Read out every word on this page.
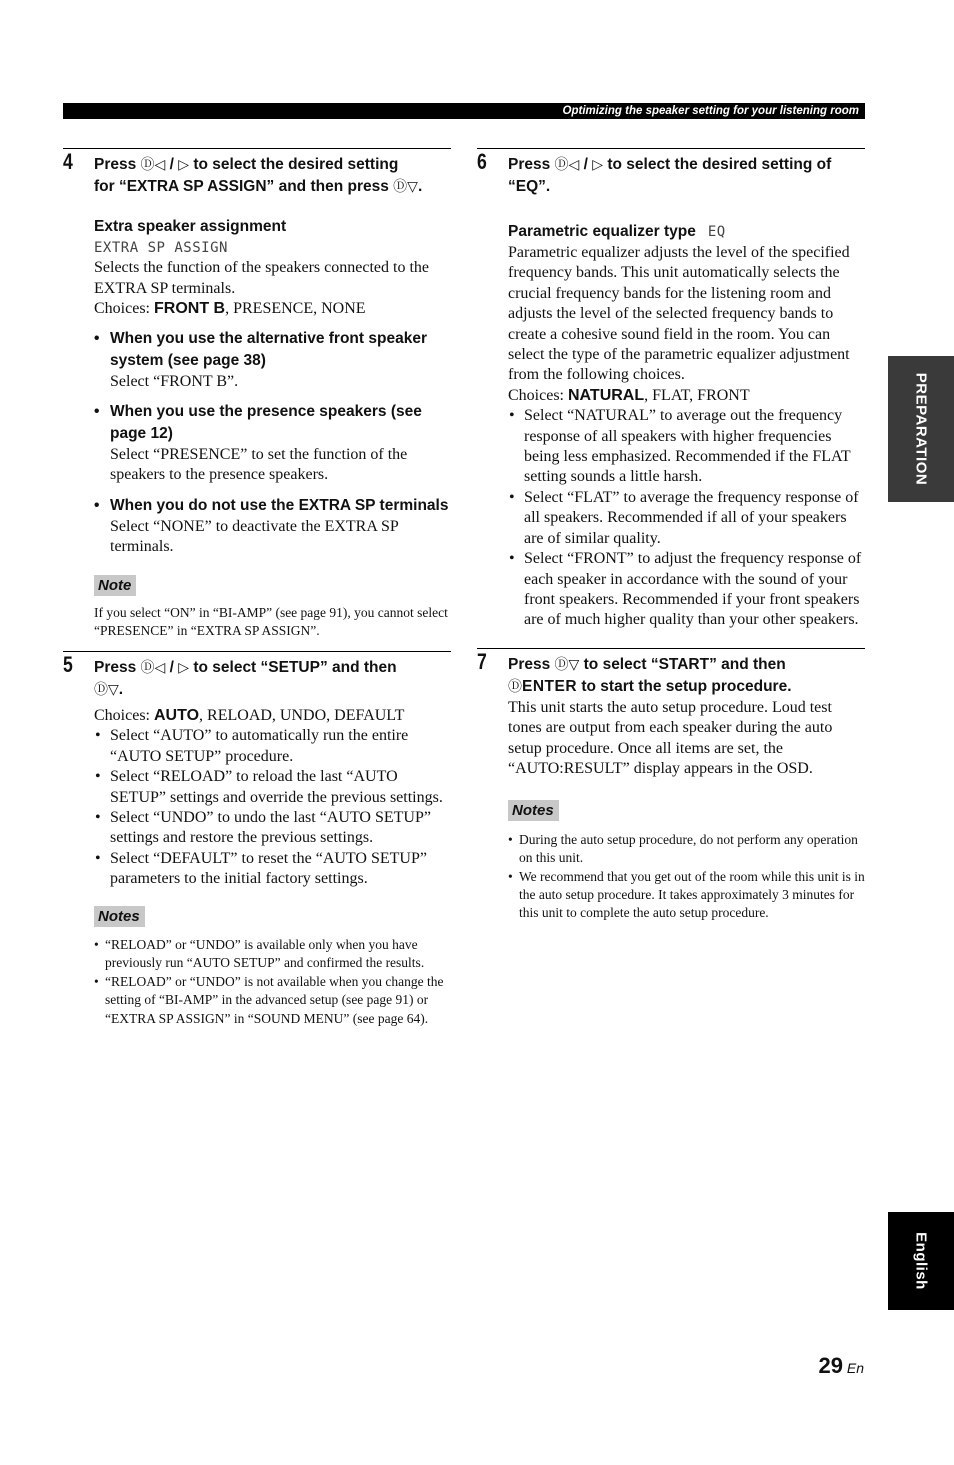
Optimizing the speaker setting for your listening room
4 Press Ⓓ◁ / ▷ to select the desired setting
for “EXTRA SP ASSIGN” and then press Ⓓ▽.
Extra speaker assignment
EXTRA SP ASSIGN
Selects the function of the speakers connected to the EXTRA SP terminals.
Choices: FRONT B, PRESENCE, NONE
• When you use the alternative front speaker system (see page 38)
Select “FRONT B”.
• When you use the presence speakers (see page 12)
Select “PRESENCE” to set the function of the speakers to the presence speakers.
• When you do not use the EXTRA SP terminals
Select “NONE” to deactivate the EXTRA SP terminals.
Note
If you select “ON” in “BI-AMP” (see page 91), you cannot select “PRESENCE” in “EXTRA SP ASSIGN”.
5 Press Ⓓ◁ / ▷ to select “SETUP” and then
Ⓓ▽.
Choices: AUTO, RELOAD, UNDO, DEFAULT
• Select “AUTO” to automatically run the entire “AUTO SETUP” procedure.
• Select “RELOAD” to reload the last “AUTO SETUP” settings and override the previous settings.
• Select “UNDO” to undo the last “AUTO SETUP” settings and restore the previous settings.
• Select “DEFAULT” to reset the “AUTO SETUP” parameters to the initial factory settings.
Notes
• “RELOAD” or “UNDO” is available only when you have previously run “AUTO SETUP” and confirmed the results.
• “RELOAD” or “UNDO” is not available when you change the setting of “BI-AMP” in the advanced setup (see page 91) or “EXTRA SP ASSIGN” in “SOUND MENU” (see page 64).
6 Press Ⓓ◁ / ▷ to select the desired setting of “EQ”.
Parametric equalizer type EQ
Parametric equalizer adjusts the level of the specified frequency bands. This unit automatically selects the crucial frequency bands for the listening room and adjusts the level of the selected frequency bands to create a cohesive sound field in the room. You can select the type of the parametric equalizer adjustment from the following choices.
Choices: NATURAL, FLAT, FRONT
• Select “NATURAL” to average out the frequency response of all speakers with higher frequencies being less emphasized. Recommended if the FLAT setting sounds a little harsh.
• Select “FLAT” to average the frequency response of all speakers. Recommended if all of your speakers are of similar quality.
• Select “FRONT” to adjust the frequency response of each speaker in accordance with the sound of your front speakers. Recommended if your front speakers are of much higher quality than your other speakers.
7 Press Ⓓ▽ to select “START” and then
ⒹENTER to start the setup procedure.
This unit starts the auto setup procedure. Loud test tones are output from each speaker during the auto setup procedure. Once all items are set, the “AUTO:RESULT” display appears in the OSD.
Notes
• During the auto setup procedure, do not perform any operation on this unit.
• We recommend that you get out of the room while this unit is in the auto setup procedure. It takes approximately 3 minutes for this unit to complete the auto setup procedure.
PREPARATION
English
29 En
